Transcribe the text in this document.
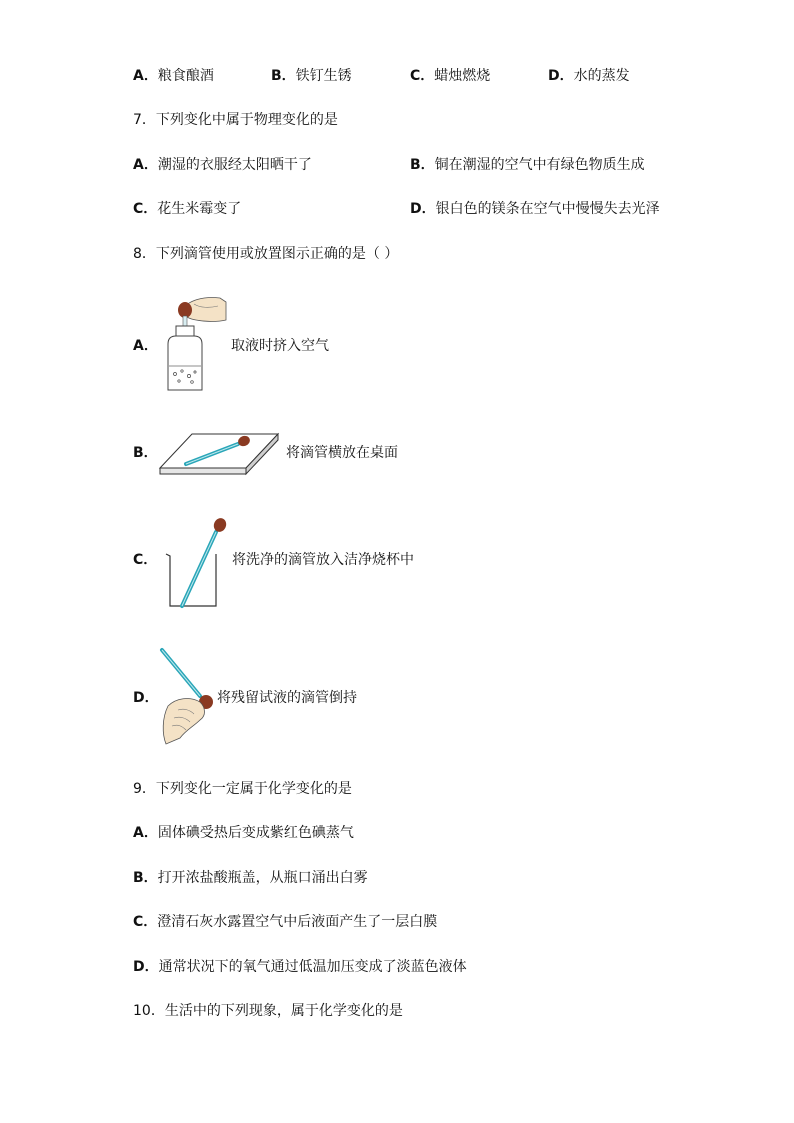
A．粮食酿酒	B．铁钉生锈	C．蜡烛燃烧	D．水的蒸发
7．下列变化中属于物理变化的是
A．潮湿的衣服经太阳晒干了	B．铜在潮湿的空气中有绿色物质生成
C．花生米霉变了	D．银白色的镁条在空气中慢慢失去光泽
8．下列滴管使用或放置图示正确的是（ ）
A．	取液时挤入空气
B．	将滴管横放在桌面
C．	将洗净的滴管放入洁净烧杯中
D．	将残留试液的滴管倒持
9．下列变化一定属于化学变化的是
A．固体碘受热后变成紫红色碘蒸气
B．打开浓盐酸瓶盖，从瓶口涌出白雾
C．澄清石灰水露置空气中后液面产生了一层白膜
D．通常状况下的氧气通过低温加压变成了淡蓝色液体
10．生活中的下列现象，属于化学变化的是
